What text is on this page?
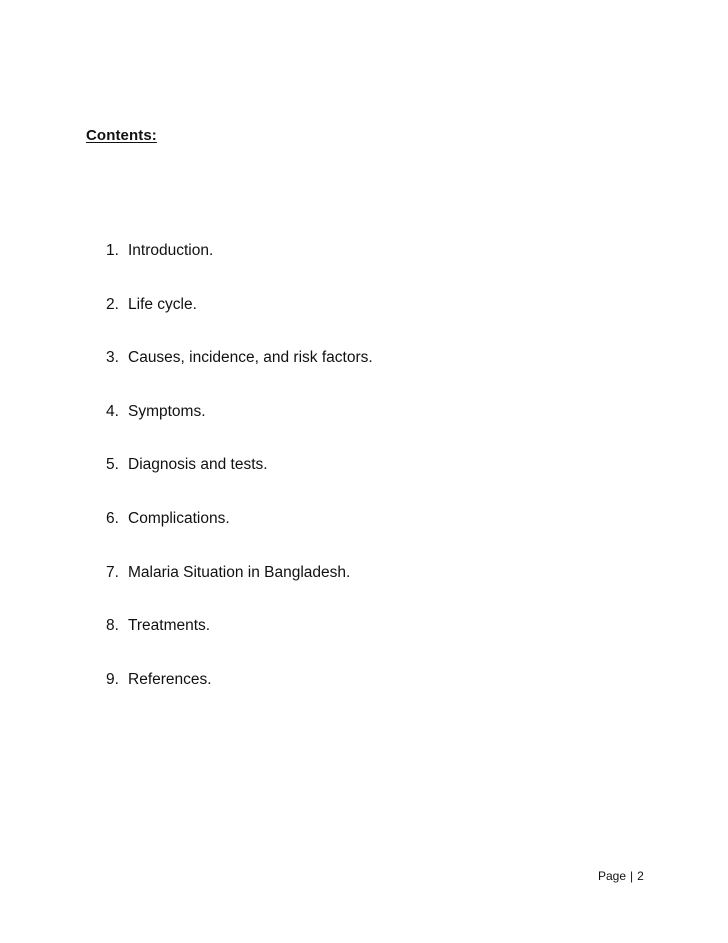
Contents:
1. Introduction.
2. Life cycle.
3. Causes, incidence, and risk factors.
4. Symptoms.
5. Diagnosis and tests.
6. Complications.
7. Malaria Situation in Bangladesh.
8. Treatments.
9. References.
Page | 2
